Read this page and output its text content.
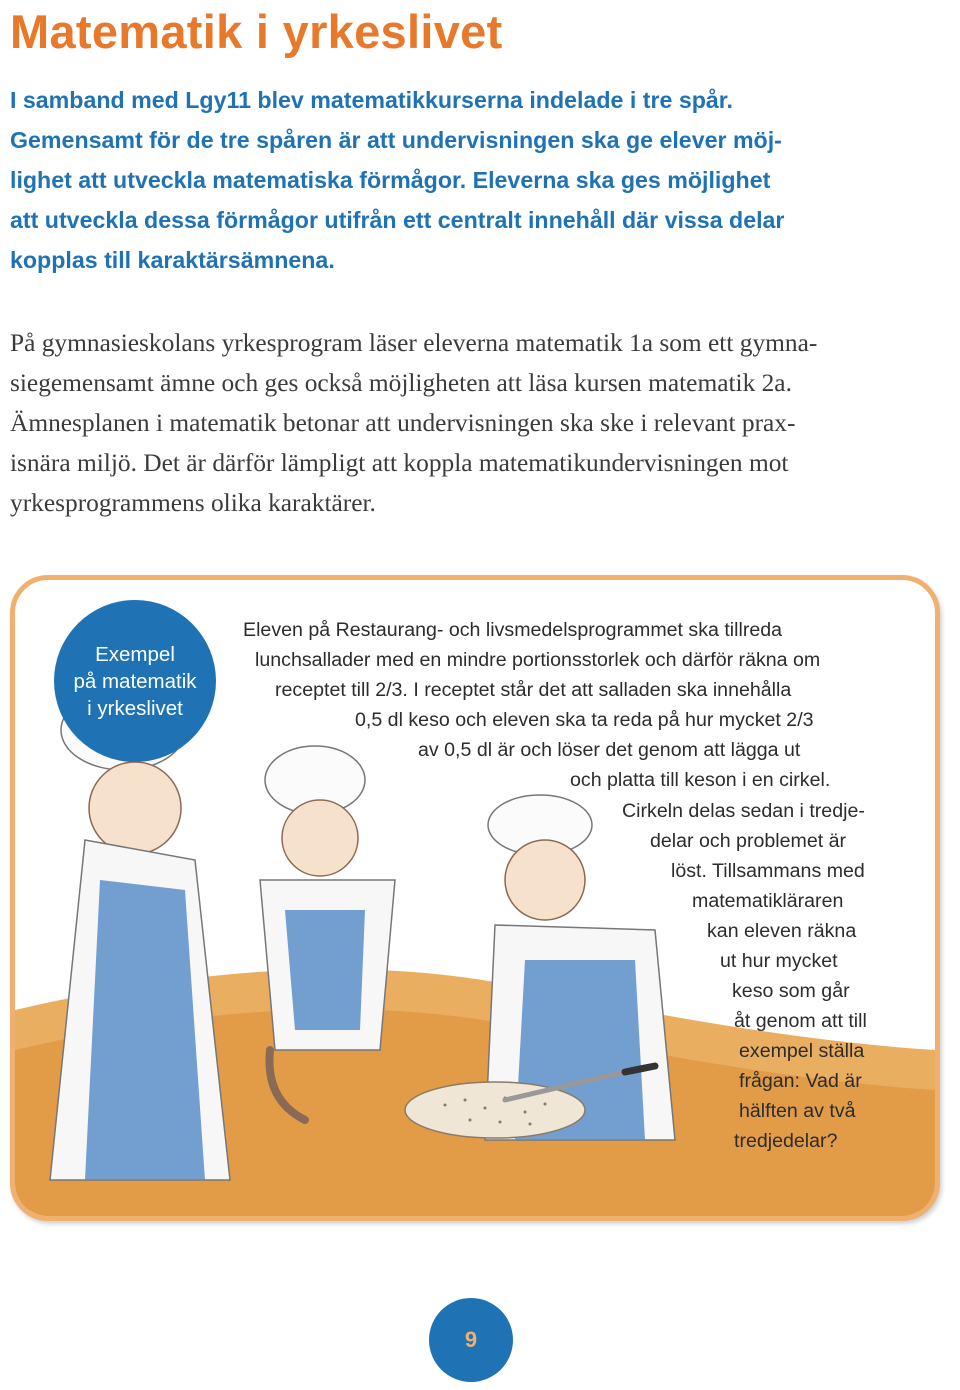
Matematik i yrkeslivet
I samband med Lgy11 blev matematikkurserna indelade i tre spår.
Gemensamt för de tre spåren är att undervisningen ska ge elever möj-
lighet att utveckla matematiska förmågor. Eleverna ska ges möjlighet
att utveckla dessa förmågor utifrån ett centralt innehåll där vissa delar
kopplas till karaktärsämnena.
På gymnasieskolans yrkesprogram läser eleverna matematik 1a som ett gymna-
siegemensamt ämne och ges också möjligheten att läsa kursen matematik 2a.
Ämnesplanen i matematik betonar att undervisningen ska ske i relevant prax-
isnära miljö. Det är därför lämpligt att koppla matematikundervisningen mot
yrkesprogrammens olika karaktärer.
Exempel
på matematik
i yrkeslivet
Eleven på Restaurang- och livsmedelsprogrammet ska tillreda
lunchsallader med en mindre portionsstorlek och därför räkna om
receptet till 2/3. I receptet står det att salladen ska innehålla
0,5 dl keso och eleven ska ta reda på hur mycket 2/3
av 0,5 dl är och löser det genom att lägga ut
och platta till keson i en cirkel.
Cirkeln delas sedan i tredje-
delar och problemet är
löst. Tillsammans med
matematikläraren
kan eleven räkna
ut hur mycket
keso som går
åt genom att till
exempel ställa
frågan: Vad är
hälften av två
tredjedelar?
9
